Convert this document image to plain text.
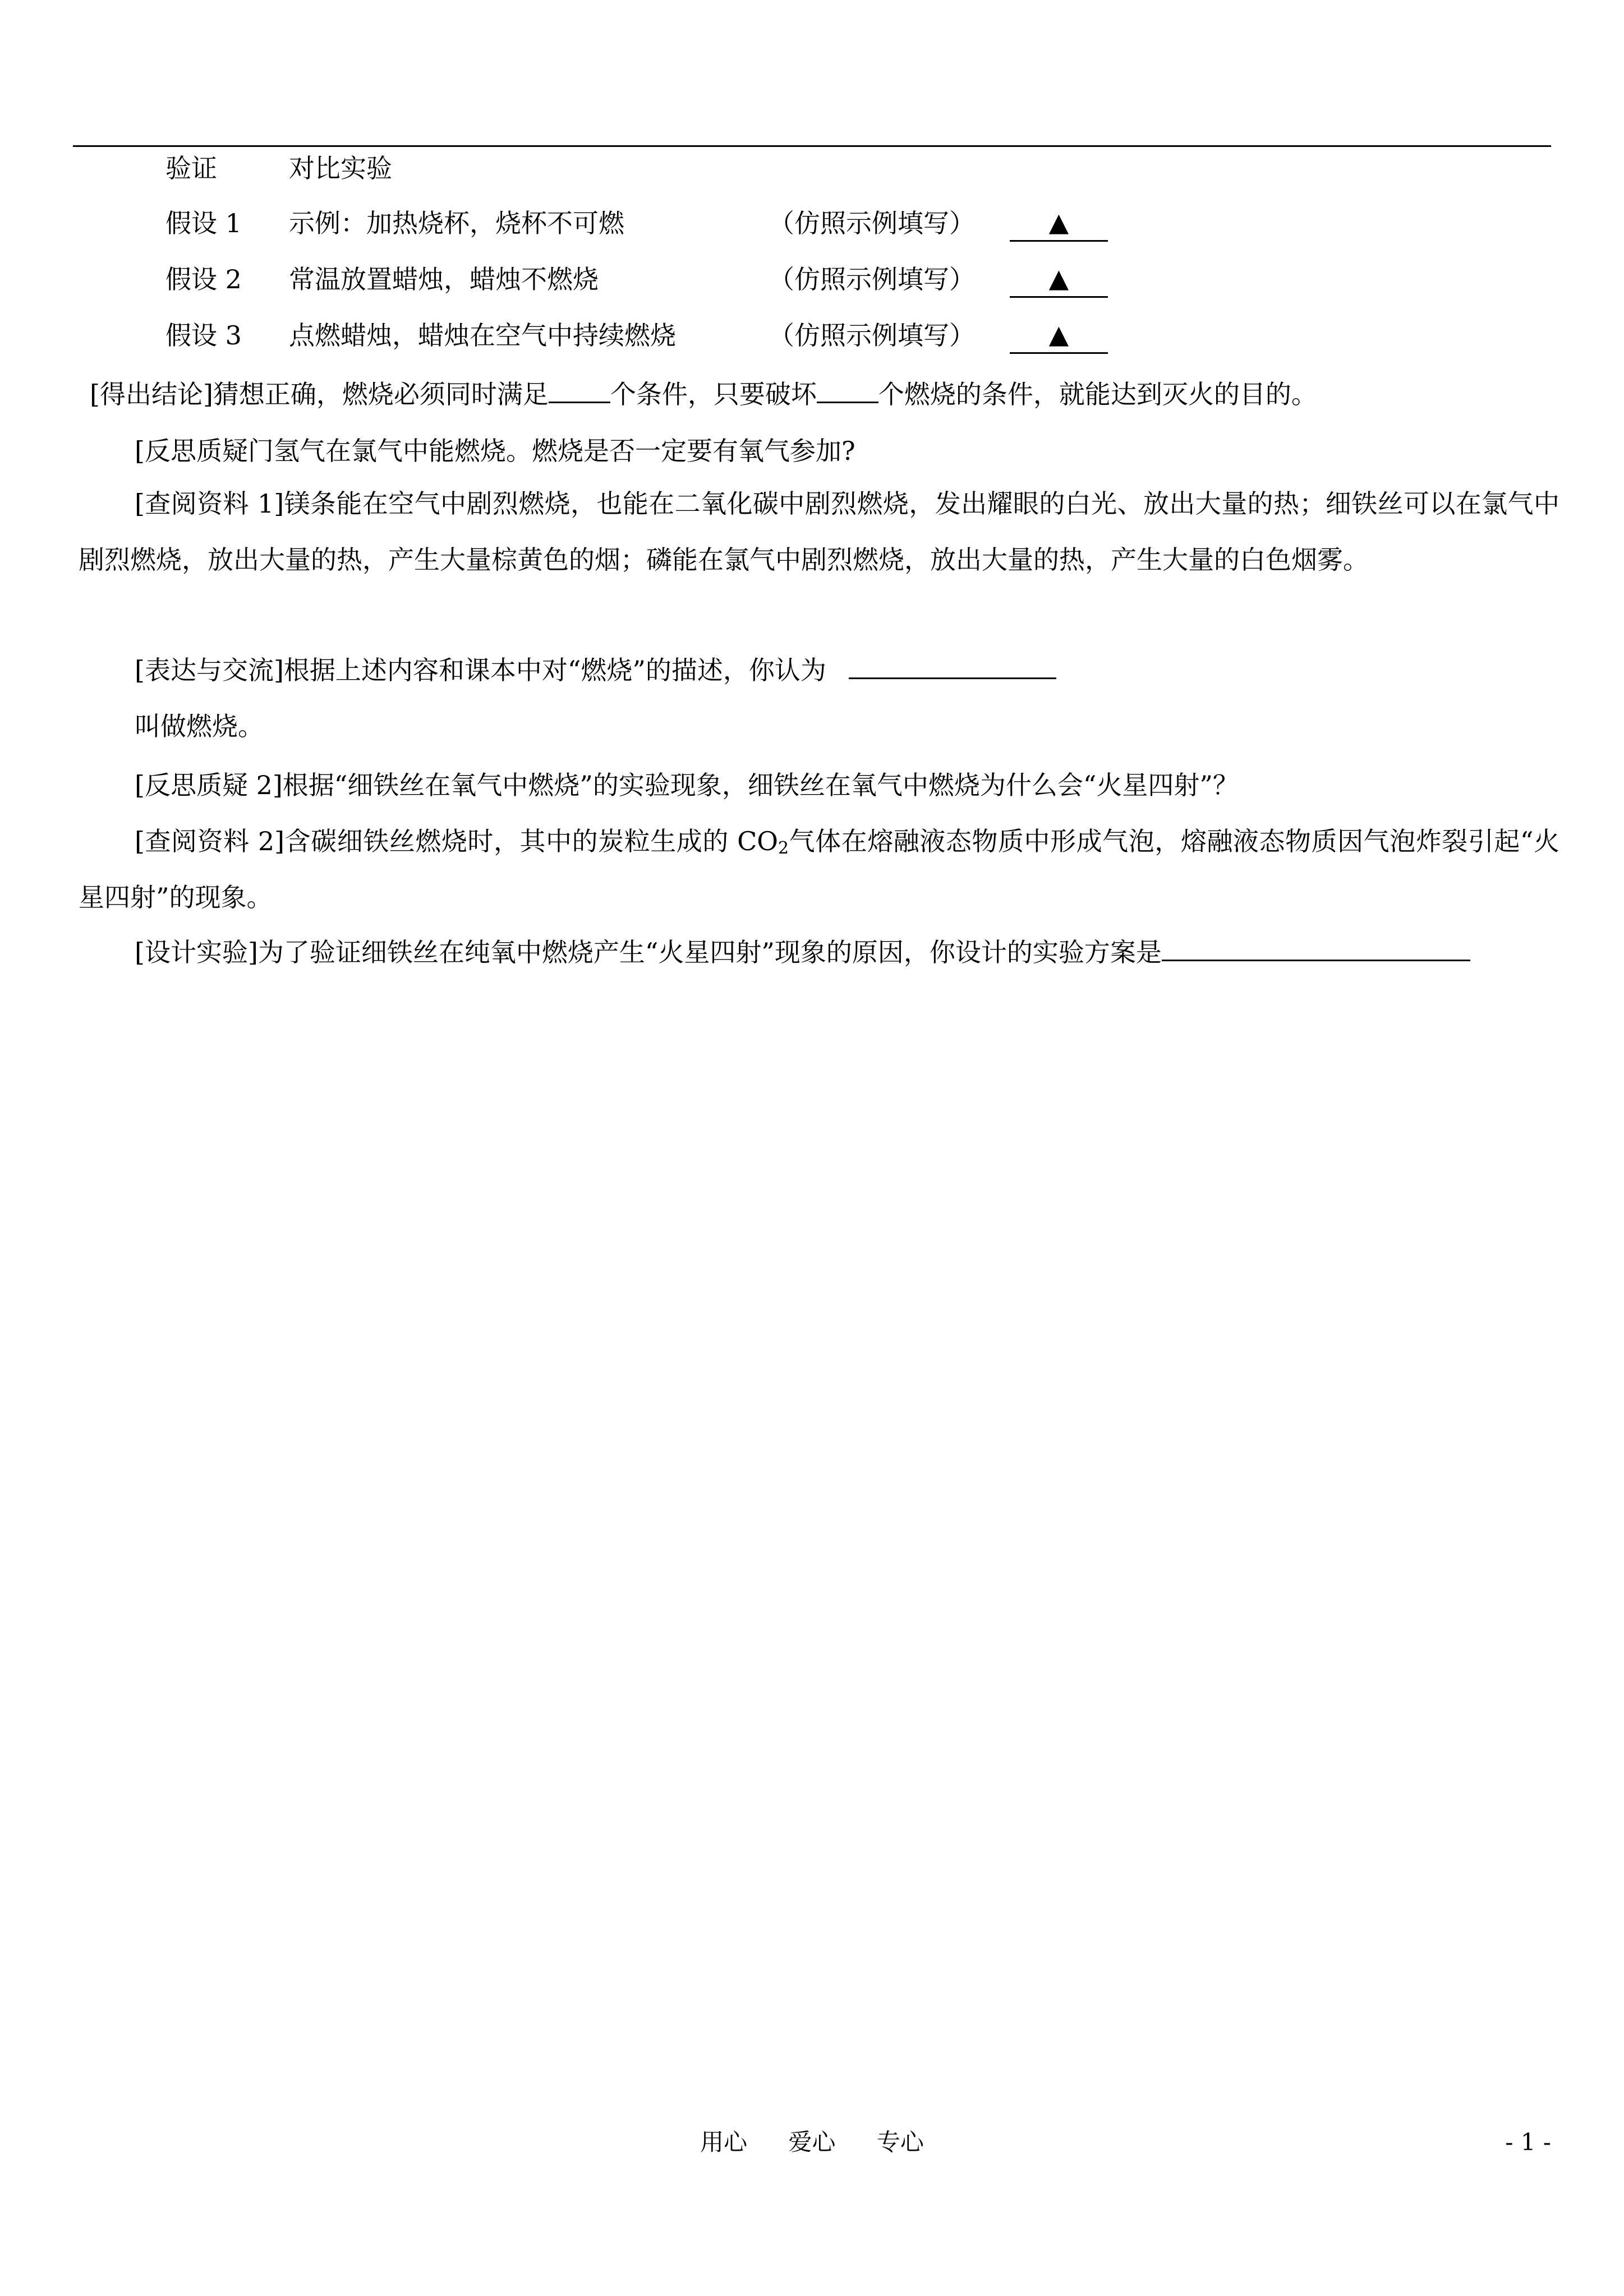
验证	对比实验
假设 1 示例：加热烧杯，烧杯不可燃	（仿照示例填写）	▲
假设 2 常温放置蜡烛，蜡烛不燃烧	（仿照示例填写）	▲
假设 3 点燃蜡烛，蜡烛在空气中持续燃烧	（仿照示例填写）	▲
[得出结论]猜想正确，燃烧必须同时满足 个条件，只要破坏 个燃烧的条件，就能达到灭火的目的。
[反思质疑门氢气在氯气中能燃烧。燃烧是否一定要有氧气参加?
[查阅资料 1]镁条能在空气中剧烈燃烧，也能在二氧化碳中剧烈燃烧，发出耀眼的白光、放出大量的热；细铁丝可以在氯气中剧烈燃烧，放出大量的热，产生大量棕黄色的烟；磷能在氯气中剧烈燃烧，放出大量的热，产生大量的白色烟雾。
[表达与交流]根据上述内容和课本中对“燃烧”的描述，你认为
叫做燃烧。
[反思质疑 2]根据“细铁丝在氧气中燃烧”的实验现象，细铁丝在氧气中燃烧为什么会“火星四射”？
[查阅资料 2]含碳细铁丝燃烧时，其中的炭粒生成的 $CO_2$气体在熔融液态物质中形成气泡，熔融液态物质因气泡炸裂引起“火星四射”的现象。
[设计实验]为了验证细铁丝在纯氧中燃烧产生“火星四射”现象的原因，你设计的实验方案是
用心 爱心 专心	- 1 -
